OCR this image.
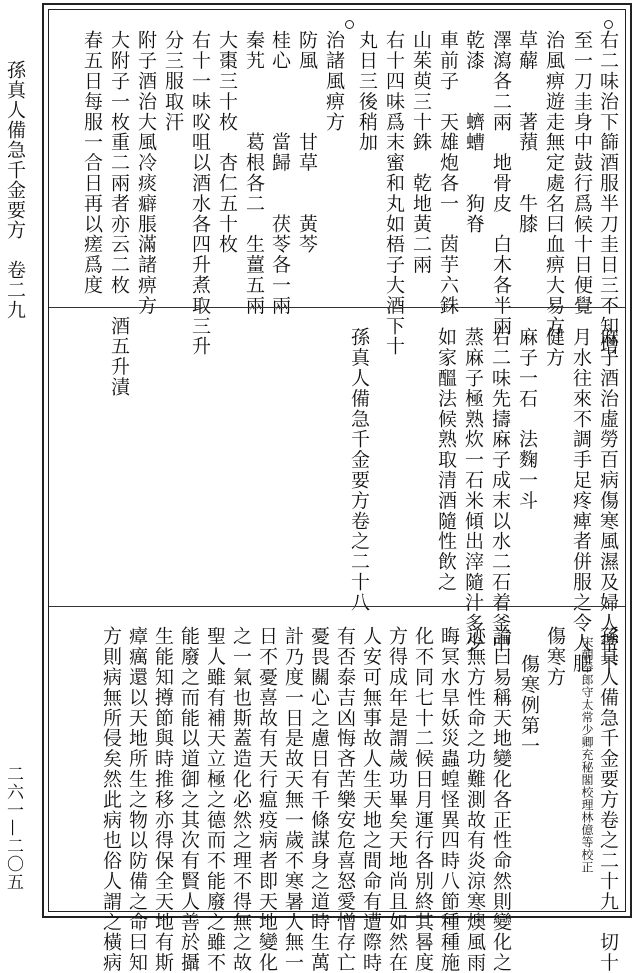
孫真人備急千金要方　卷二九
二六一—二〇五
右二味治下篩酒服半刀圭日三不知增
至一刀圭身中鼓行爲候十日便覺
治風痹遊走無定處名曰血痹大易方
草薢　　著蕷　　牛膝
澤瀉各二兩　地骨皮　白木各半兩
乾漆　　蠐螬　　狗脊
車前子　天雄炮各一　茵芋六銖
山茱萸三十銖　乾地黃二兩
右十四味爲末蜜和丸如梧子大酒下十
丸日三後稍加
治諸風痹方
防風　　　甘草　　黃芩
桂心　　　當歸　　茯苓各一兩
秦艽　　　葛根各二　生薑五兩
大棗三十枚　杏仁五十枚
右十一味㕮咀以酒水各四升煮取三升
分三服取汗
附子酒治大風冷痰癖脹滿諸痹方
大附子一枚重二兩者亦云二枚　酒五升漬
春五日每服一合日再以瘥爲度
麻子酒治虛勞百病傷寒風濕及婦人帶下
月水往來不調手足疼痺者併服之令人肥
健方
麻子一石　法麴一斗
右二味先擣麻子成末以水二石着釜中
蒸麻子極熟炊一石米傾出滓隨汁多少
如家醞法候熟取清酒隨性飲之
孫真人備急千金要方卷之二十八
孫真人備急千金要方卷之二十九　切十
宋朝奉郎守太常少卿充秘閣校理林億等校正
傷寒方
傷寒例第一
論曰易稱天地變化各正性命然則變化之
迹無方性命之功難測故有炎涼寒燠風雨
晦冥水旱妖災蟲蝗怪異四時八節種種施
化不同七十二候日月運行各別終其晷度
方得成年是謂歲功畢矣天地尚且如然在
人安可無事故人生天地之間命有遭際時
有否泰吉凶悔吝苦樂安危喜怒愛憎存亡
憂畏關心之慮日有千條謀身之道時生萬
計乃度一日是故天無一歲不寒暑人無一
日不憂喜故有天行瘟疫病者即天地變化
之一氣也斯蓋造化必然之理不得無之故
聖人雖有補天立極之德而不能廢之雖不
能廢之而能以道御之其次有賢人善於攝
生能知撙節與時推移亦得保全天地有斯
瘴癘還以天地所生之物以防備之命曰知
方則病無所侵矣然此病也俗人謂之橫病
